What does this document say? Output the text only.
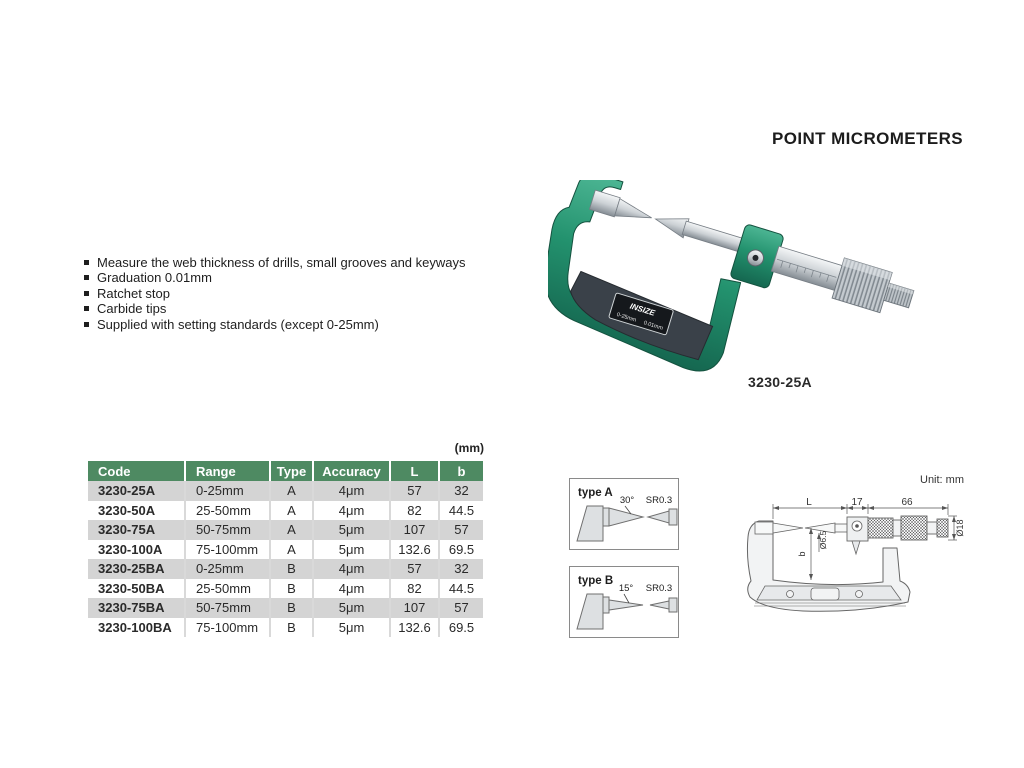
POINT MICROMETERS
Measure the web thickness of drills, small grooves and keyways
Graduation 0.01mm
Ratchet stop
Carbide tips
Supplied with setting standards (except 0-25mm)
INSIZE
0-25mm
0.01mm
3230-25A
(mm)
Code	Range	Type	Accuracy	L	b
3230-25A	0-25mm	A	4μm	57	32
3230-50A	25-50mm	A	4μm	82	44.5
3230-75A	50-75mm	A	5μm	107	57
3230-100A	75-100mm	A	5μm	132.6	69.5
3230-25BA	0-25mm	B	4μm	57	32
3230-50BA	25-50mm	B	4μm	82	44.5
3230-75BA	50-75mm	B	5μm	107	57
3230-100BA	75-100mm	B	5μm	132.6	69.5
type A
30° SR0.3
type B
15° SR0.3
Unit: mm
L	17	66
Ø18
Ø6.5
b
